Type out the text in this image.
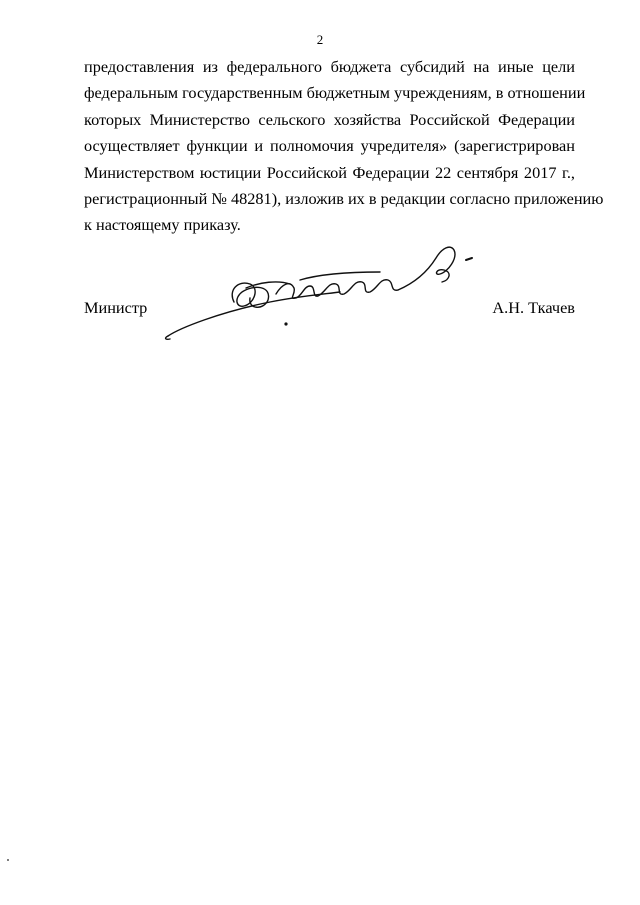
2
предоставления из федерального бюджета субсидий на иные цели
федеральным государственным бюджетным учреждениям, в отношении
которых Министерство сельского хозяйства Российской Федерации
осуществляет функции и полномочия учредителя» (зарегистрирован
Министерством юстиции Российской Федерации 22 сентября 2017 г.,
регистрационный № 48281), изложив их в редакции согласно приложению
к настоящему приказу.
Министр	А.Н. Ткачев
